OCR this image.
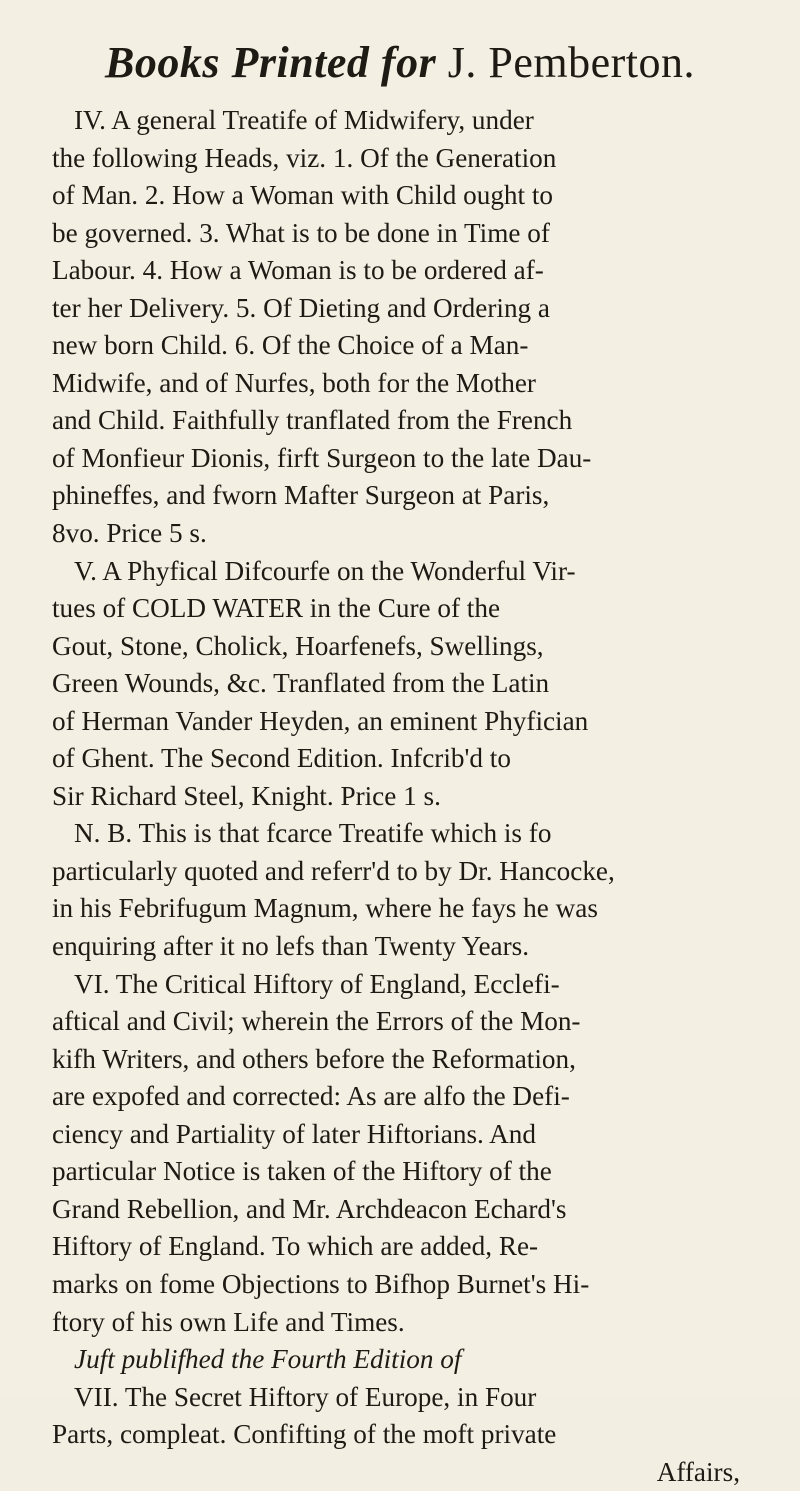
Books Printed for J. Pemberton.
IV. A general Treatife of Midwifery, under
the following Heads, viz. 1. Of the Generation
of Man. 2. How a Woman with Child ought to
be governed. 3. What is to be done in Time of
Labour. 4. How a Woman is to be ordered af-
ter her Delivery. 5. Of Dieting and Ordering a
new born Child. 6. Of the Choice of a Man-
Midwife, and of Nurfes, both for the Mother
and Child. Faithfully tranflated from the French
of Monfieur Dionis, firft Surgeon to the late Dau-
phineffes, and fworn Mafter Surgeon at Paris,
8vo. Price 5 s.
V. A Phyfical Difcourfe on the Wonderful Vir-
tues of COLD WATER in the Cure of the
Gout, Stone, Cholick, Hoarfenefs, Swellings,
Green Wounds, &c. Tranflated from the Latin
of Herman Vander Heyden, an eminent Phyfician
of Ghent. The Second Edition. Infcrib'd to
Sir Richard Steel, Knight. Price 1 s.
N. B. This is that fcarce Treatife which is fo
particularly quoted and referr'd to by Dr. Hancocke,
in his Febrifugum Magnum, where he fays he was
enquiring after it no lefs than Twenty Years.
VI. The Critical Hiftory of England, Ecclefi-
aftical and Civil; wherein the Errors of the Mon-
kifh Writers, and others before the Reformation,
are expofed and corrected: As are alfo the Defi-
ciency and Partiality of later Hiftorians. And
particular Notice is taken of the Hiftory of the
Grand Rebellion, and Mr. Archdeacon Echard's
Hiftory of England. To which are added, Re-
marks on fome Objections to Bifhop Burnet's Hi-
ftory of his own Life and Times.
Juft publifhed the Fourth Edition of
VII. The Secret Hiftory of Europe, in Four
Parts, compleat. Confifting of the moft private
Affairs,
